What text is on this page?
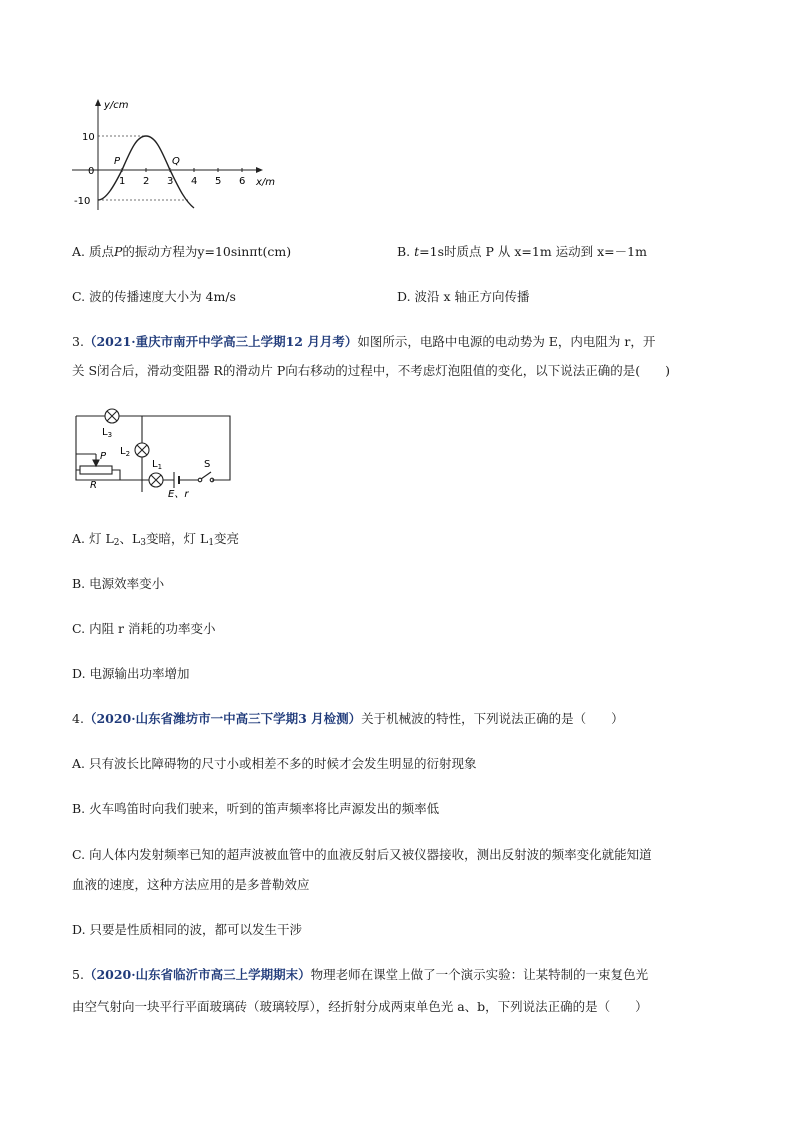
y/cm
x/m
10
0
-10
1 2 3 4 5 6
P	Q
A. 质点P的振动方程为y=10sinπt(cm)	B. t=1s时质点 P 从 x=1m 运动到 x=－1m
C. 波的传播速度大小为 4m/s	D. 波沿 x 轴正方向传播
3.（2021·重庆市南开中学高三上学期12 月月考）如图所示，电路中电源的电动势为 E，内电阻为 r，开
关 S闭合后，滑动变阻器 R的滑动片 P向右移动的过程中，不考虑灯泡阻值的变化，以下说法正确的是(　　)
$L_3$
$L_2$
$L_1$	S
P
R
E、r
A. 灯 $L_2$、$L_3$变暗，灯 $L_1$变亮
B. 电源效率变小
C. 内阻 r 消耗的功率变小
D. 电源输出功率增加
4.（2020·山东省潍坊市一中高三下学期3 月检测）关于机械波的特性，下列说法正确的是（　　）
A. 只有波长比障碍物的尺寸小或相差不多的时候才会发生明显的衍射现象
B. 火车鸣笛时向我们驶来，听到的笛声频率将比声源发出的频率低
C. 向人体内发射频率已知的超声波被血管中的血液反射后又被仪器接收，测出反射波的频率变化就能知道
血液的速度，这种方法应用的是多普勒效应
D. 只要是性质相同的波，都可以发生干涉
5.（2020·山东省临沂市高三上学期期末）物理老师在课堂上做了一个演示实验：让某特制的一束复色光
由空气射向一块平行平面玻璃砖（玻璃较厚），经折射分成两束单色光 a、b，下列说法正确的是（　　）
